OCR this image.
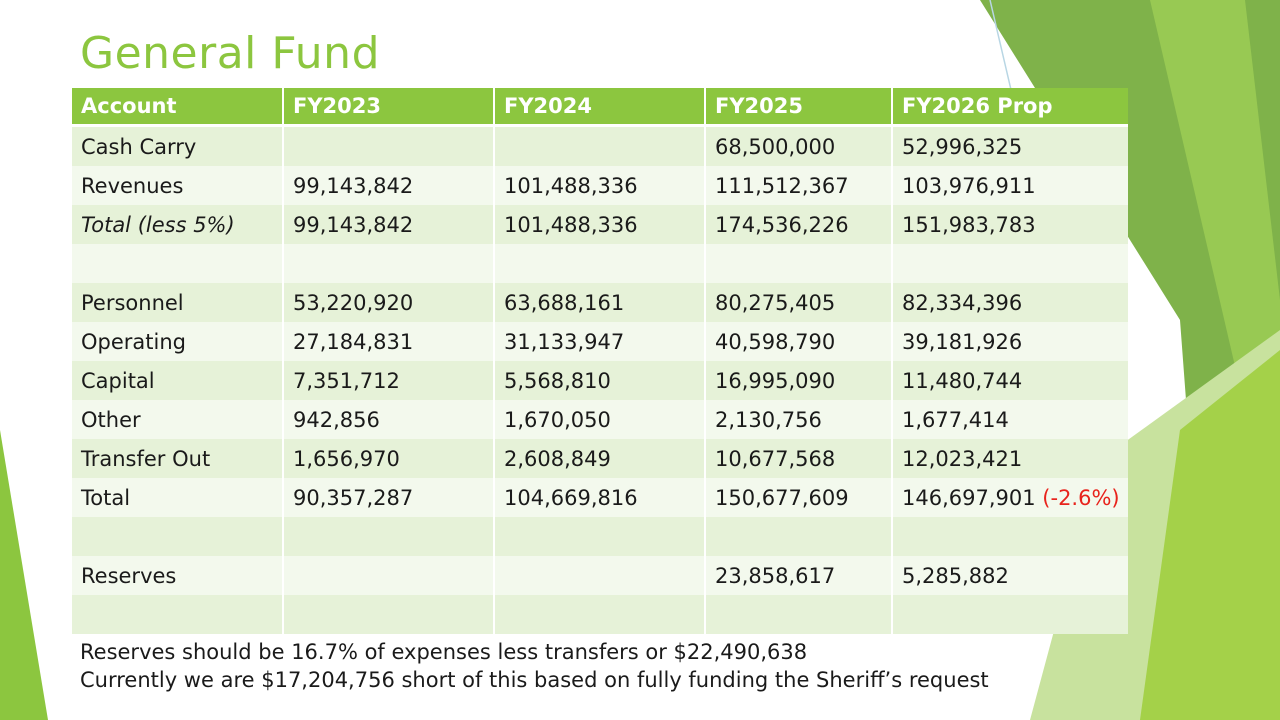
General Fund
Account	FY2023	FY2024	FY2025	FY2026 Prop
Cash Carry			68,500,000	52,996,325
Revenues	99,143,842	101,488,336	111,512,367	103,976,911
Total (less 5%)	99,143,842	101,488,336	174,536,226	151,983,783

Personnel	53,220,920	63,688,161	80,275,405	82,334,396
Operating	27,184,831	31,133,947	40,598,790	39,181,926
Capital	7,351,712	5,568,810	16,995,090	11,480,744
Other	942,856	1,670,050	2,130,756	1,677,414
Transfer Out	1,656,970	2,608,849	10,677,568	12,023,421
Total	90,357,287	104,669,816	150,677,609	146,697,901 (-2.6%)

Reserves			23,858,617	5,285,882

Reserves should be 16.7% of expenses less transfers or $22,490,638
Currently we are $17,204,756 short of this based on fully funding the Sheriff’s request
